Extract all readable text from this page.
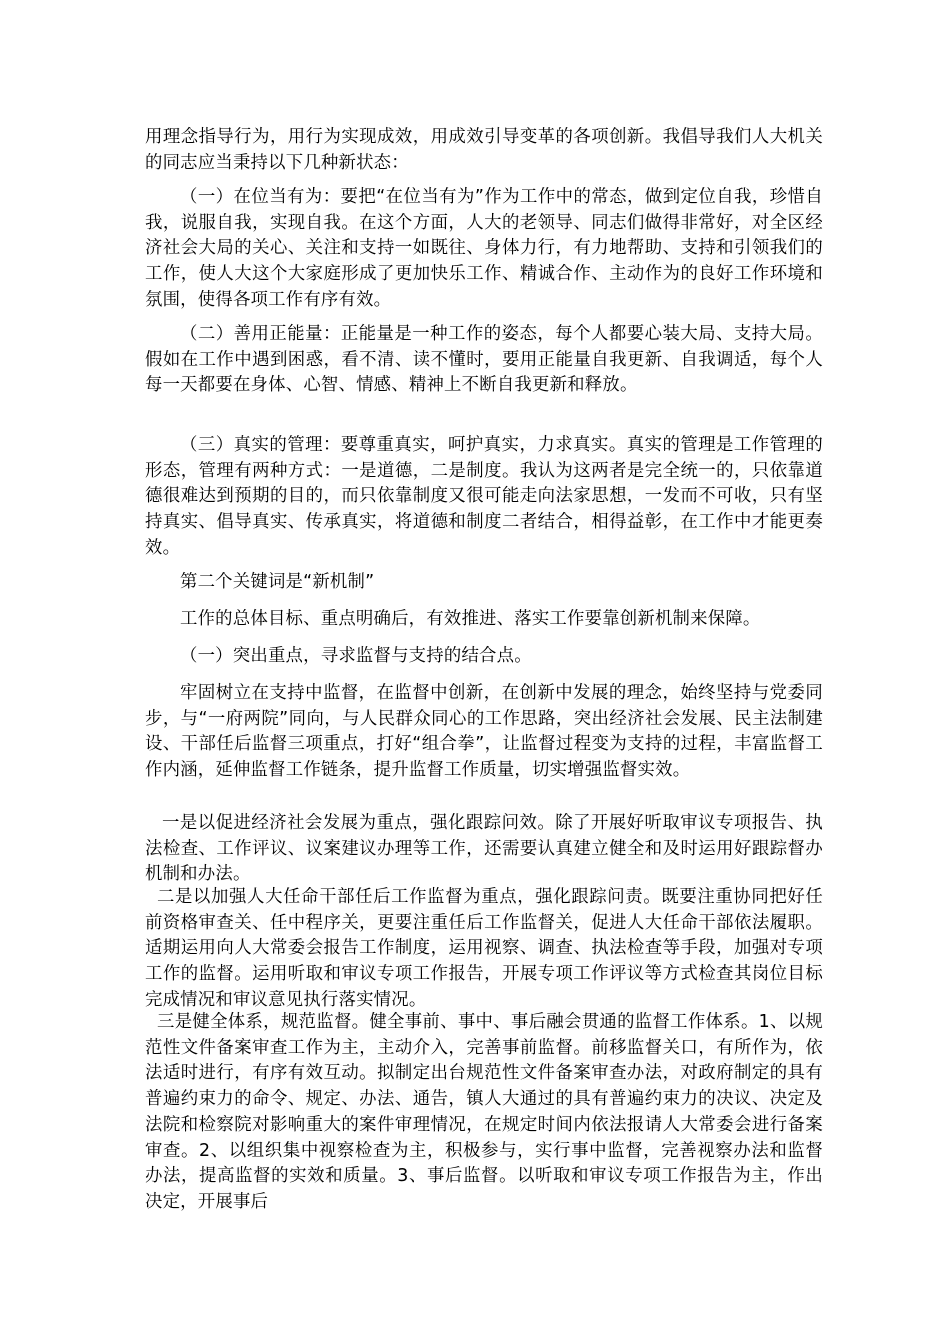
用理念指导行为，用行为实现成效，用成效引导变革的各项创新。我倡导我们人大机关的同志应当秉持以下几种新状态：

（一）在位当有为：要把“在位当有为”作为工作中的常态，做到定位自我，珍惜自我，说服自我，实现自我。在这个方面，人大的老领导、同志们做得非常好，对全区经济社会大局的关心、关注和支持一如既往、身体力行，有力地帮助、支持和引领我们的工作，使人大这个大家庭形成了更加快乐工作、精诚合作、主动作为的良好工作环境和氛围，使得各项工作有序有效。

（二）善用正能量：正能量是一种工作的姿态，每个人都要心装大局、支持大局。假如在工作中遇到困惑，看不清、读不懂时，要用正能量自我更新、自我调适，每个人每一天都要在身体、心智、情感、精神上不断自我更新和释放。

（三）真实的管理：要尊重真实，呵护真实，力求真实。真实的管理是工作管理的形态，管理有两种方式：一是道德，二是制度。我认为这两者是完全统一的，只依靠道德很难达到预期的目的，而只依靠制度又很可能走向法家思想，一发而不可收，只有坚持真实、倡导真实、传承真实，将道德和制度二者结合，相得益彰，在工作中才能更奏效。

第二个关键词是“新机制”

工作的总体目标、重点明确后，有效推进、落实工作要靠创新机制来保障。

（一）突出重点，寻求监督与支持的结合点。

牢固树立在支持中监督，在监督中创新，在创新中发展的理念，始终坚持与党委同步，与“一府两院”同向，与人民群众同心的工作思路，突出经济社会发展、民主法制建设、干部任后监督三项重点，打好“组合拳”，让监督过程变为支持的过程，丰富监督工作内涵，延伸监督工作链条，提升监督工作质量，切实增强监督实效。

一是以促进经济社会发展为重点，强化跟踪问效。除了开展好听取审议专项报告、执法检查、工作评议、议案建议办理等工作，还需要认真建立健全和及时运用好跟踪督办机制和办法。

二是以加强人大任命干部任后工作监督为重点，强化跟踪问责。既要注重协同把好任前资格审查关、任中程序关，更要注重任后工作监督关，促进人大任命干部依法履职。适期运用向人大常委会报告工作制度，运用视察、调查、执法检查等手段，加强对专项工作的监督。运用听取和审议专项工作报告，开展专项工作评议等方式检查其岗位目标完成情况和审议意见执行落实情况。

三是健全体系，规范监督。健全事前、事中、事后融会贯通的监督工作体系。1、以规范性文件备案审查工作为主，主动介入，完善事前监督。前移监督关口，有所作为，依法适时进行，有序有效互动。拟制定出台规范性文件备案审查办法，对政府制定的具有普遍约束力的命令、规定、办法、通告，镇人大通过的具有普遍约束力的决议、决定及法院和检察院对影响重大的案件审理情况，在规定时间内依法报请人大常委会进行备案审查。2、以组织集中视察检查为主，积极参与，实行事中监督，完善视察办法和监督办法，提高监督的实效和质量。3、事后监督。以听取和审议专项工作报告为主，作出决定，开展事后
